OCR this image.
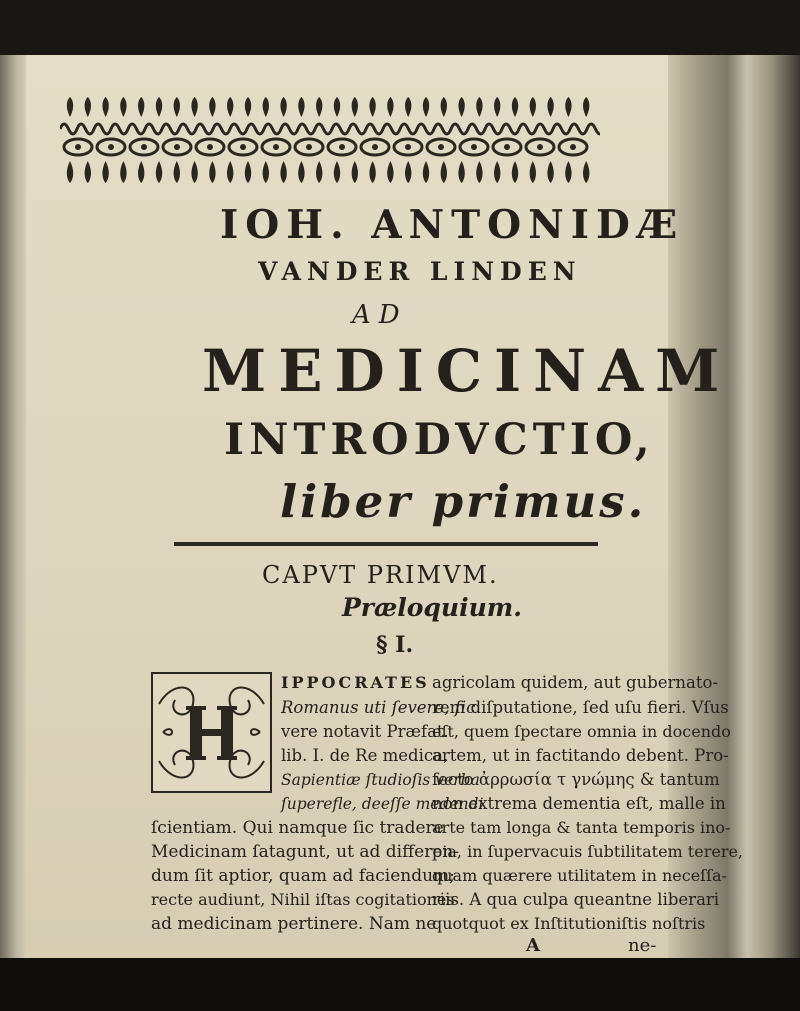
IOH. ANTONIDÆ
VANDER LINDEN
AD
MEDICINAM
INTRODVCTIO,
liber primus.
CAPVT PRIMVM.
Præloquium.
§ I.
IPPOCRATES
Romanus uti ſevere, ſic
vere notavit Præfat.
lib. I. de Re medica,
Sapientiæ ſtudioſis verba
ſuperefle, deeſſe medendi
ſcientiam. Qui namque ſic tradere
Medicinam ſatagunt, ut ad differen-
dum ſit aptior, quam ad faciendum;
recte audiunt, Nihil iſtas cogitationes
ad medicinam pertinere. Nam ne
agricolam quidem, aut gubernato-
rem diſputatione, ſed uſu fieri. Vſus
eſt, quem ſpectare omnia in docendo
artem, ut in factitando debent. Pro-
fecto ἀρρωσία τ γνώμης & tantum
non extrema dementia eſt, malle in
arte tam longa & tanta temporis ino-
pia, in ſupervacuis ſubtilitatem terere,
quam quærere utilitatem in neceſſa-
riis. A qua culpa queantne liberari
quotquot ex Inſtitutioniſtis noſtris
A	ne-
